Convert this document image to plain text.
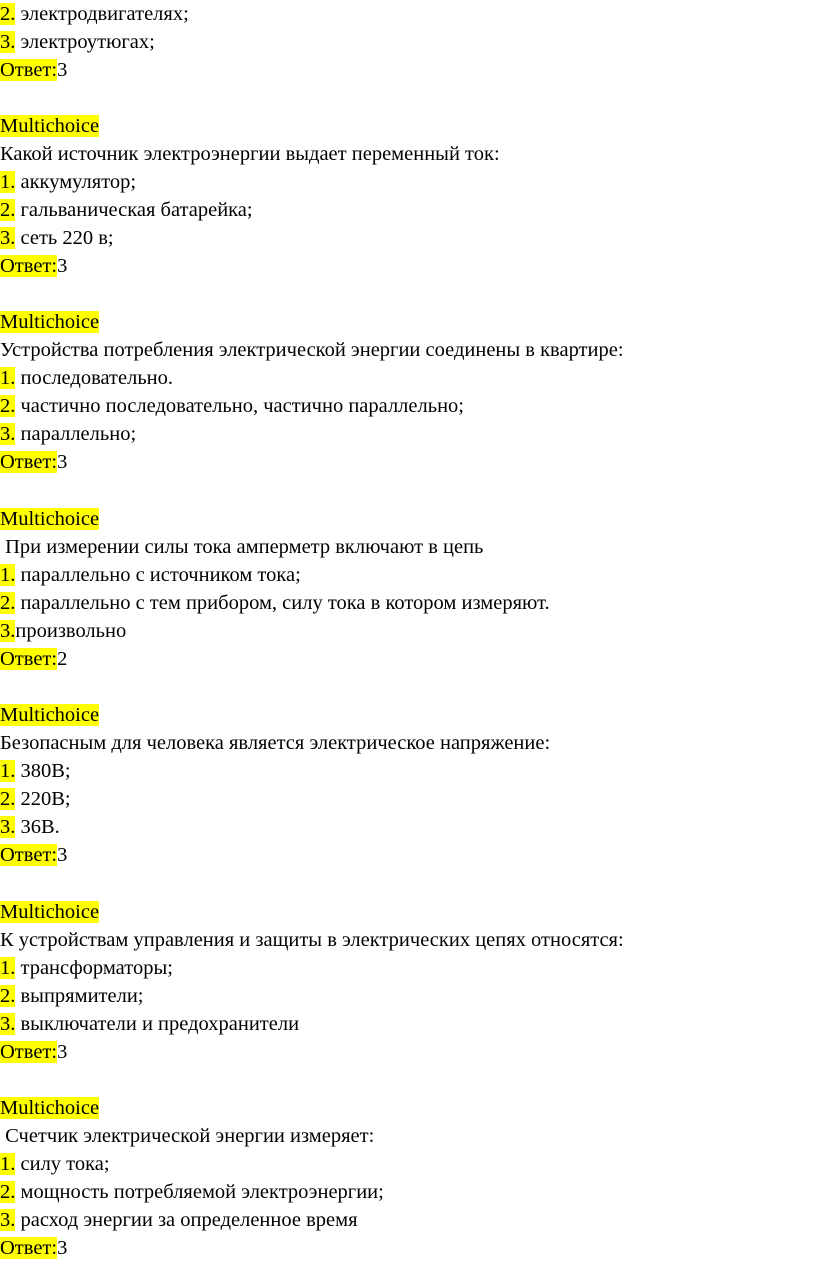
2. электродвигателях;
3. электроутюгах;
Ответ:3
Multichoice
Какой источник электроэнергии выдает переменный ток:
1. аккумулятор;
2. гальваническая батарейка;
3. сеть 220 в;
Ответ:3
Multichoice
Устройства потребления электрической энергии соединены в квартире:
1. последовательно.
2. частично последовательно, частично параллельно;
3. параллельно;
Ответ:3
Multichoice
При измерении силы тока амперметр включают в цепь
1. параллельно с источником тока;
2. параллельно с тем прибором, силу тока в котором измеряют.
3.произвольно
Ответ:2
Multichoice
Безопасным для человека является электрическое напряжение:
1. 380В;
2. 220В;
3. 36В.
Ответ:3
Multichoice
К устройствам управления и защиты в электрических цепях относятся:
1. трансформаторы;
2. выпрямители;
3. выключатели и предохранители
Ответ:3
Multichoice
Счетчик электрической энергии измеряет:
1. силу тока;
2. мощность потребляемой электроэнергии;
3. расход энергии за определенное время
Ответ:3
